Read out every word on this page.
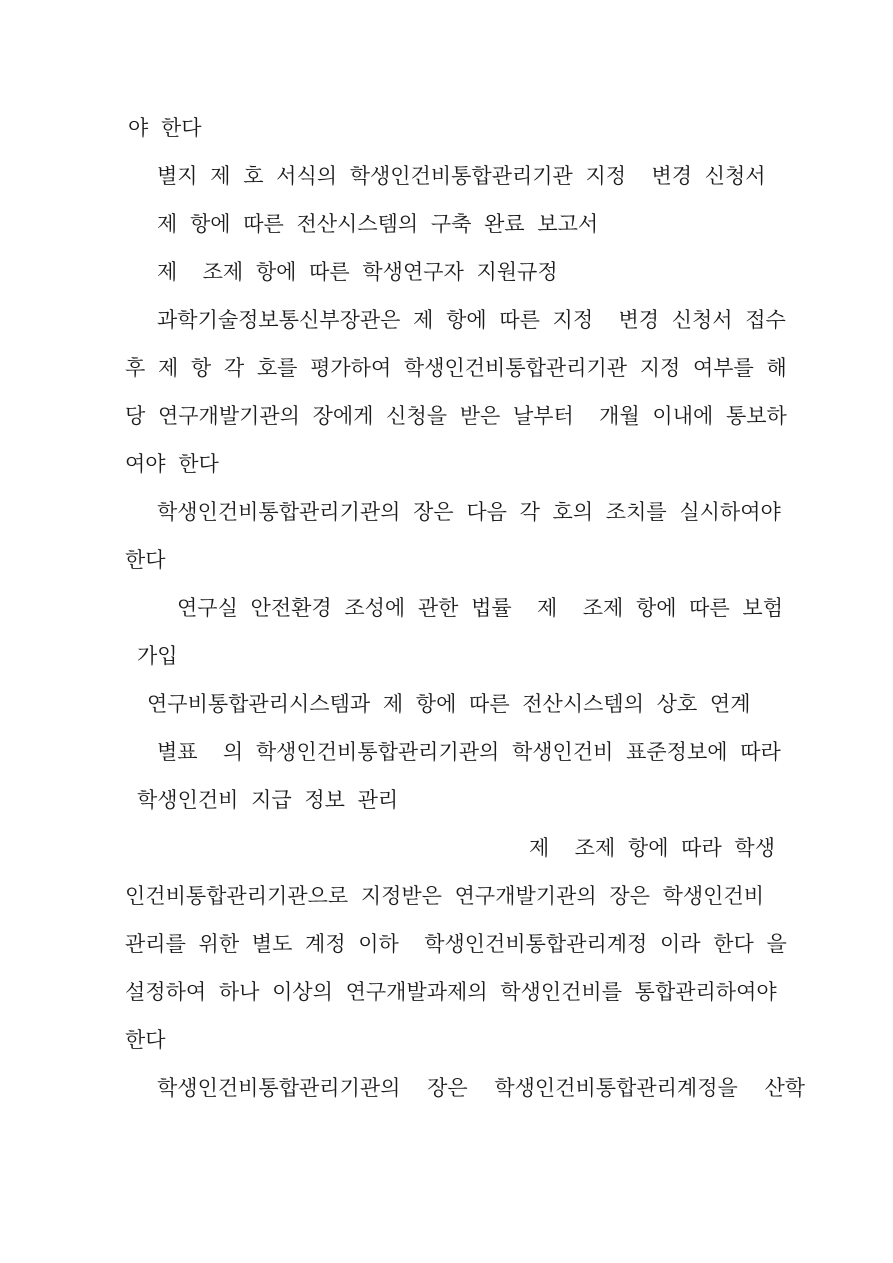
야 한다
별지 제 호 서식의 학생인건비통합관리기관 지정  변경 신청서
제 항에 따른 전산시스템의 구축 완료 보고서
제  조제 항에 따른 학생연구자 지원규정
과학기술정보통신부장관은 제 항에 따른 지정  변경 신청서 접수
후 제 항 각 호를 평가하여 학생인건비통합관리기관 지정 여부를 해
당 연구개발기관의 장에게 신청을 받은 날부터  개월 이내에 통보하
여야 한다
학생인건비통합관리기관의 장은 다음 각 호의 조치를 실시하여야
한다
연구실 안전환경 조성에 관한 법률  제  조제 항에 따른 보험
가입
연구비통합관리시스템과 제 항에 따른 전산시스템의 상호 연계
별표  의 학생인건비통합관리기관의 학생인건비 표준정보에 따라
학생인건비 지급 정보 관리
제  조제 항에 따라 학생
인건비통합관리기관으로 지정받은 연구개발기관의 장은 학생인건비
관리를 위한 별도 계정 이하  학생인건비통합관리계정 이라 한다 을
설정하여 하나 이상의 연구개발과제의 학생인건비를 통합관리하여야
한다
학생인건비통합관리기관의 장은 학생인건비통합관리계정을 산학
